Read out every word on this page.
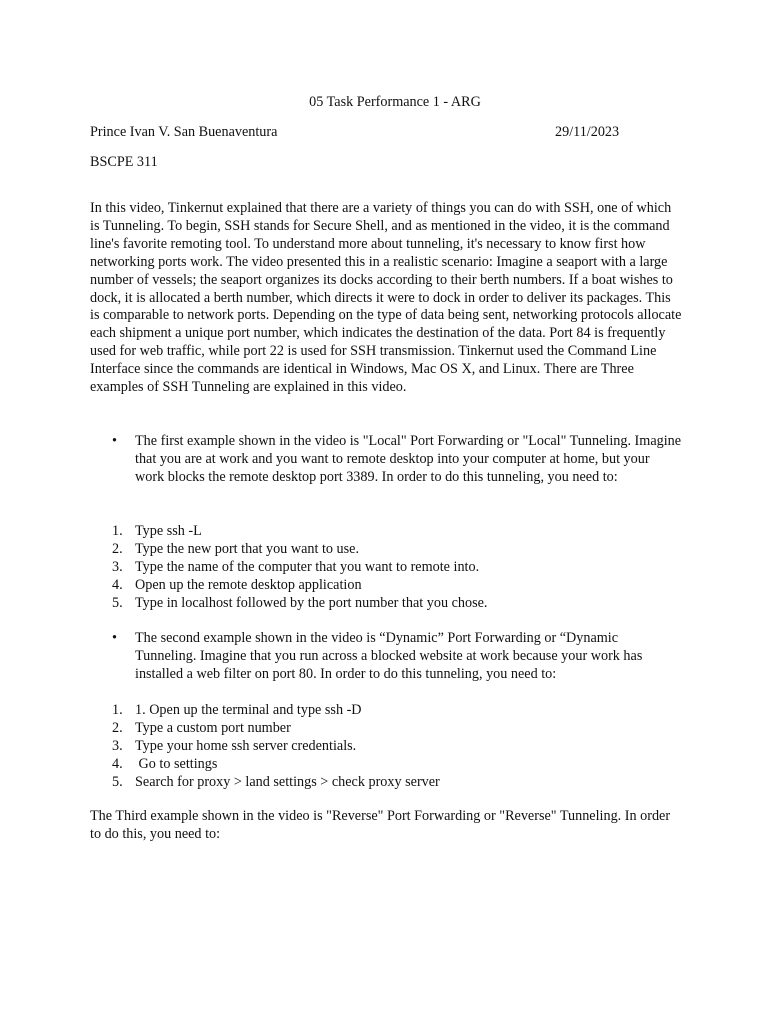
05 Task Performance 1 - ARG
Prince Ivan V. San Buenaventura	29/11/2023
BSCPE 311

In this video, Tinkernut explained that there are a variety of things you can do with SSH, one of which is Tunneling. To begin, SSH stands for Secure Shell, and as mentioned in the video, it is the command line's favorite remoting tool. To understand more about tunneling, it's necessary to know first how networking ports work. The video presented this in a realistic scenario: Imagine a seaport with a large number of vessels; the seaport organizes its docks according to their berth numbers. If a boat wishes to dock, it is allocated a berth number, which directs it were to dock in order to deliver its packages. This is comparable to network ports. Depending on the type of data being sent, networking protocols allocate each shipment a unique port number, which indicates the destination of the data. Port 84 is frequently used for web traffic, while port 22 is used for SSH transmission. Tinkernut used the Command Line Interface since the commands are identical in Windows, Mac OS X, and Linux. There are Three examples of SSH Tunneling are explained in this video.

• The first example shown in the video is "Local" Port Forwarding or "Local" Tunneling. Imagine that you are at work and you want to remote desktop into your computer at home, but your work blocks the remote desktop port 3389. In order to do this tunneling, you need to:

1. Type ssh -L
2. Type the new port that you want to use.
3. Type the name of the computer that you want to remote into.
4. Open up the remote desktop application
5. Type in localhost followed by the port number that you chose.
• The second example shown in the video is “Dynamic” Port Forwarding or “Dynamic Tunneling. Imagine that you run across a blocked website at work because your work has installed a web filter on port 80. In order to do this tunneling, you need to:

1. 1. Open up the terminal and type ssh -D
2. Type a custom port number
3. Type your home ssh server credentials.
4. Go to settings
5. Search for proxy > land settings > check proxy server

The Third example shown in the video is "Reverse" Port Forwarding or "Reverse" Tunneling. In order to do this, you need to:
